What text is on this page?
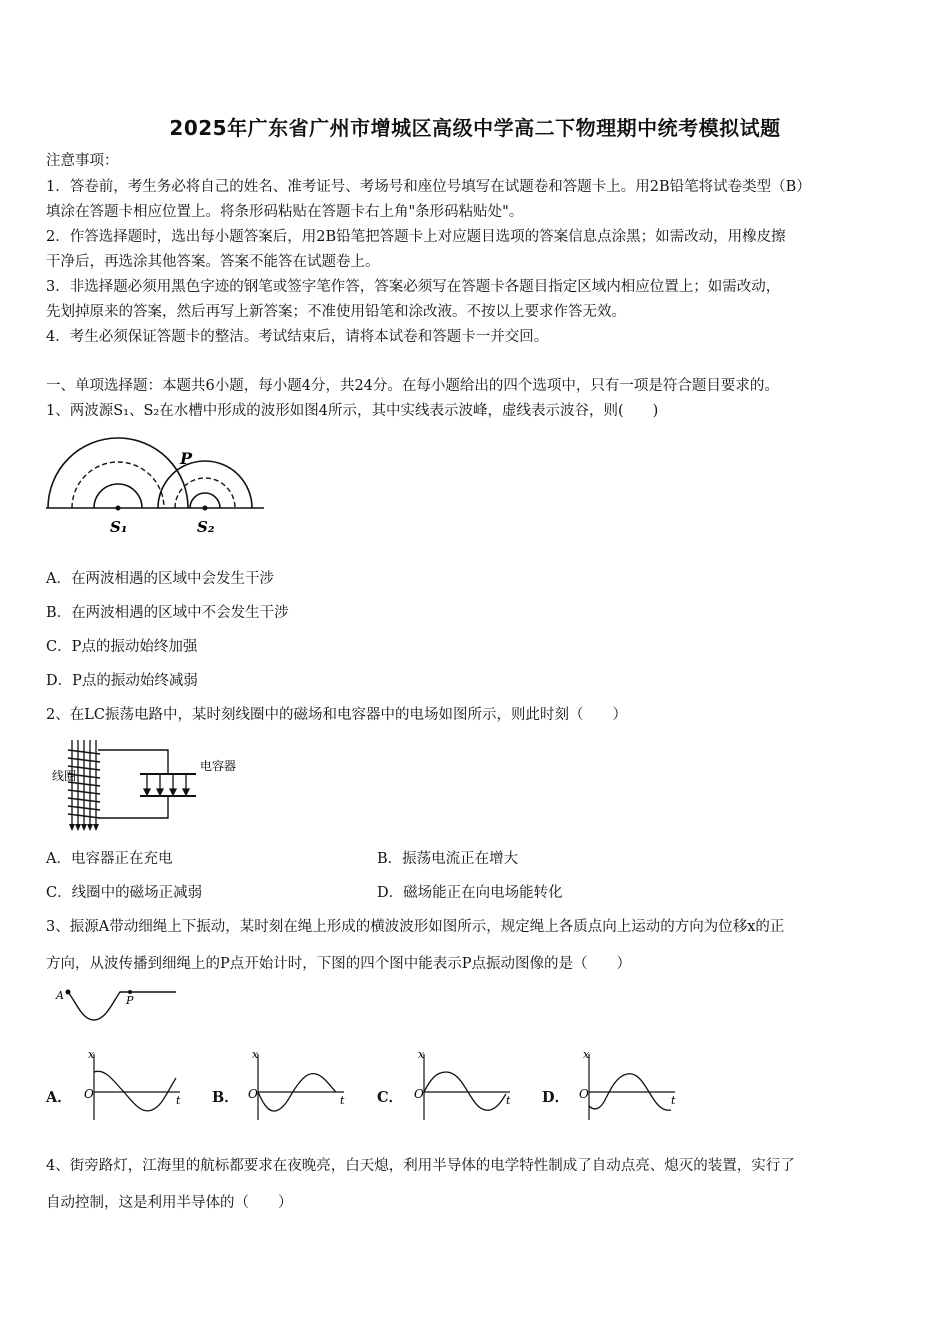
2025年广东省广州市增城区高级中学高二下物理期中统考模拟试题
注意事项：
1．答卷前，考生务必将自己的姓名、准考证号、考场号和座位号填写在试题卷和答题卡上。用2B铅笔将试卷类型（B）
填涂在答题卡相应位置上。将条形码粘贴在答题卡右上角"条形码粘贴处"。
2．作答选择题时，选出每小题答案后，用2B铅笔把答题卡上对应题目选项的答案信息点涂黑；如需改动，用橡皮擦
干净后，再选涂其他答案。答案不能答在试题卷上。
3．非选择题必须用黑色字迹的钢笔或签字笔作答，答案必须写在答题卡各题目指定区域内相应位置上；如需改动，
先划掉原来的答案，然后再写上新答案；不准使用铅笔和涂改液。不按以上要求作答无效。
4．考生必须保证答题卡的整洁。考试结束后，请将本试卷和答题卡一并交回。
一、单项选择题：本题共6小题，每小题4分，共24分。在每小题给出的四个选项中，只有一项是符合题目要求的。
1、两波源S₁、S₂在水槽中形成的波形如图4所示，其中实线表示波峰，虚线表示波谷，则(　　)
P
S₁	S₂
A．在两波相遇的区域中会发生干涉
B．在两波相遇的区域中不会发生干涉
C．P点的振动始终加强
D．P点的振动始终减弱
2、在LC振荡电路中，某时刻线圈中的磁场和电容器中的电场如图所示，则此时刻（　　）
线圈
电容器
A．电容器正在充电	B．振荡电流正在增大
C．线圈中的磁场正减弱	D．磁场能正在向电场能转化
3、振源A带动细绳上下振动，某时刻在绳上形成的横波波形如图所示，规定绳上各质点向上运动的方向为位移x的正
方向，从波传播到细绳上的P点开始计时，下图的四个图中能表示P点振动图像的是（　　）
A	P
A．	B．	C．	D．
O
x
t	O
x
t	O
x
t	O
x
t
4、街旁路灯，江海里的航标都要求在夜晚亮，白天熄，利用半导体的电学特性制成了自动点亮、熄灭的装置，实行了
自动控制，这是利用半导体的（　　）
